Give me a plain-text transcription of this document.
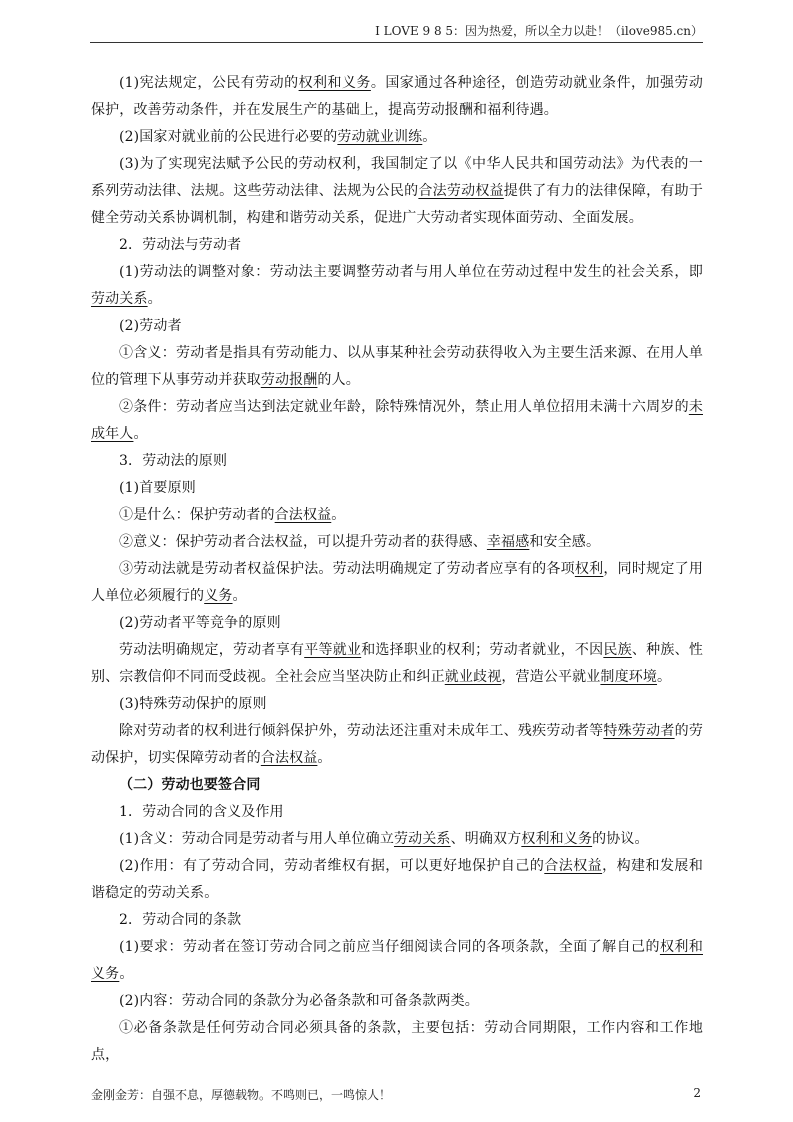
I LOVE 9 8 5：因为热爱，所以全力以赴！（ilove985.cn）

(1)宪法规定，公民有劳动的权利和义务。国家通过各种途径，创造劳动就业条件，加强劳动保护，改善劳动条件，并在发展生产的基础上，提高劳动报酬和福利待遇。

(2)国家对就业前的公民进行必要的劳动就业训练。

(3)为了实现宪法赋予公民的劳动权利，我国制定了以《中华人民共和国劳动法》为代表的一系列劳动法律、法规。这些劳动法律、法规为公民的合法劳动权益提供了有力的法律保障，有助于健全劳动关系协调机制，构建和谐劳动关系，促进广大劳动者实现体面劳动、全面发展。

2．劳动法与劳动者

(1)劳动法的调整对象：劳动法主要调整劳动者与用人单位在劳动过程中发生的社会关系，即劳动关系。

(2)劳动者

①含义：劳动者是指具有劳动能力、以从事某种社会劳动获得收入为主要生活来源、在用人单位的管理下从事劳动并获取劳动报酬的人。

②条件：劳动者应当达到法定就业年龄，除特殊情况外，禁止用人单位招用未满十六周岁的未成年人。

3．劳动法的原则

(1)首要原则

①是什么：保护劳动者的合法权益。

②意义：保护劳动者合法权益，可以提升劳动者的获得感、幸福感和安全感。

③劳动法就是劳动者权益保护法。劳动法明确规定了劳动者应享有的各项权利，同时规定了用人单位必须履行的义务。

(2)劳动者平等竞争的原则

劳动法明确规定，劳动者享有平等就业和选择职业的权利；劳动者就业，不因民族、种族、性别、宗教信仰不同而受歧视。全社会应当坚决防止和纠正就业歧视，营造公平就业制度环境。

(3)特殊劳动保护的原则

除对劳动者的权利进行倾斜保护外，劳动法还注重对未成年工、残疾劳动者等特殊劳动者的劳动保护，切实保障劳动者的合法权益。

（二）劳动也要签合同

1．劳动合同的含义及作用

(1)含义：劳动合同是劳动者与用人单位确立劳动关系、明确双方权利和义务的协议。

(2)作用：有了劳动合同，劳动者维权有据，可以更好地保护自己的合法权益，构建和发展和谐稳定的劳动关系。

2．劳动合同的条款

(1)要求：劳动者在签订劳动合同之前应当仔细阅读合同的各项条款，全面了解自己的权利和义务。

(2)内容：劳动合同的条款分为必备条款和可备条款两类。

①必备条款是任何劳动合同必须具备的条款，主要包括：劳动合同期限，工作内容和工作地点，

金刚金芳：自强不息，厚德载物。不鸣则已，一鸣惊人！	2
